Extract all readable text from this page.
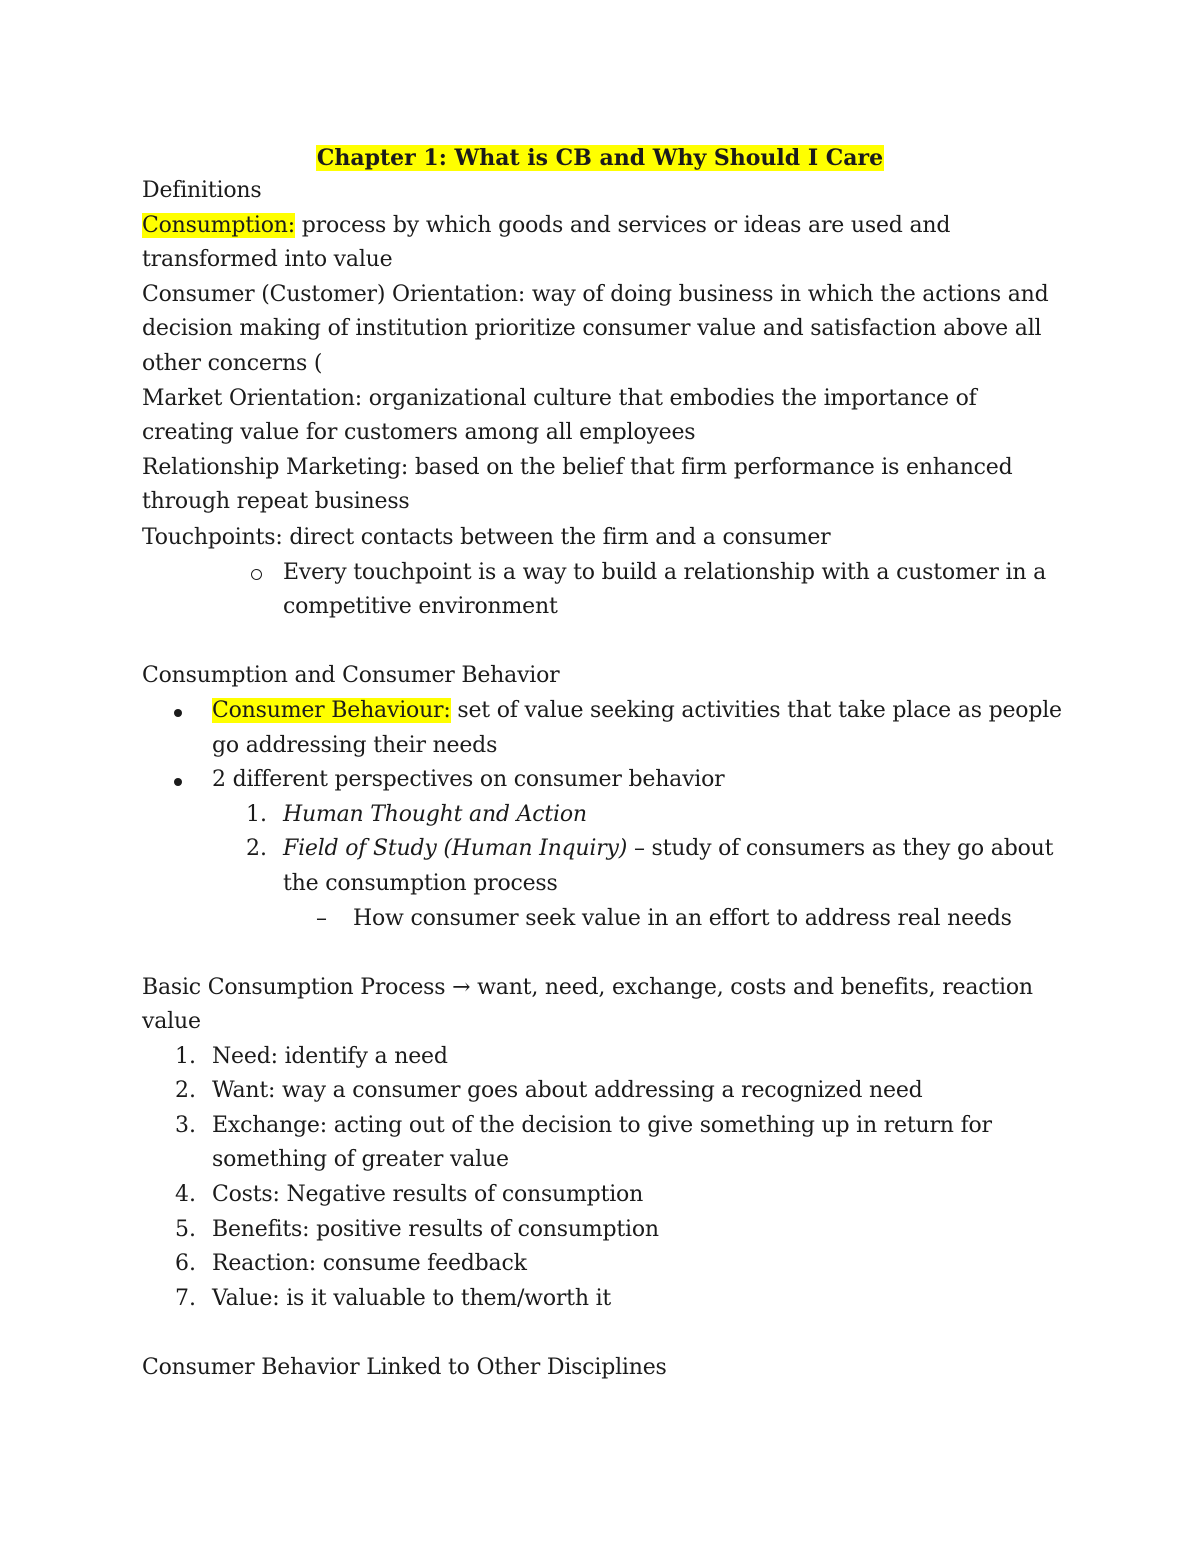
Chapter 1: What is CB and Why Should I Care
Definitions
Consumption: process by which goods and services or ideas are used and
transformed into value
Consumer (Customer) Orientation: way of doing business in which the actions and
decision making of institution prioritize consumer value and satisfaction above all
other concerns (
Market Orientation: organizational culture that embodies the importance of
creating value for customers among all employees
Relationship Marketing: based on the belief that firm performance is enhanced
through repeat business
Touchpoints: direct contacts between the firm and a consumer
Every touchpoint is a way to build a relationship with a customer in a
competitive environment
Consumption and Consumer Behavior
Consumer Behaviour: set of value seeking activities that take place as people
go addressing their needs
2 different perspectives on consumer behavior
1. Human Thought and Action
2. Field of Study (Human Inquiry) – study of consumers as they go about
the consumption process
– How consumer seek value in an effort to address real needs
Basic Consumption Process → want, need, exchange, costs and benefits, reaction
value
1. Need: identify a need
2. Want: way a consumer goes about addressing a recognized need
3. Exchange: acting out of the decision to give something up in return for
something of greater value
4. Costs: Negative results of consumption
5. Benefits: positive results of consumption
6. Reaction: consume feedback
7. Value: is it valuable to them/worth it
Consumer Behavior Linked to Other Disciplines
